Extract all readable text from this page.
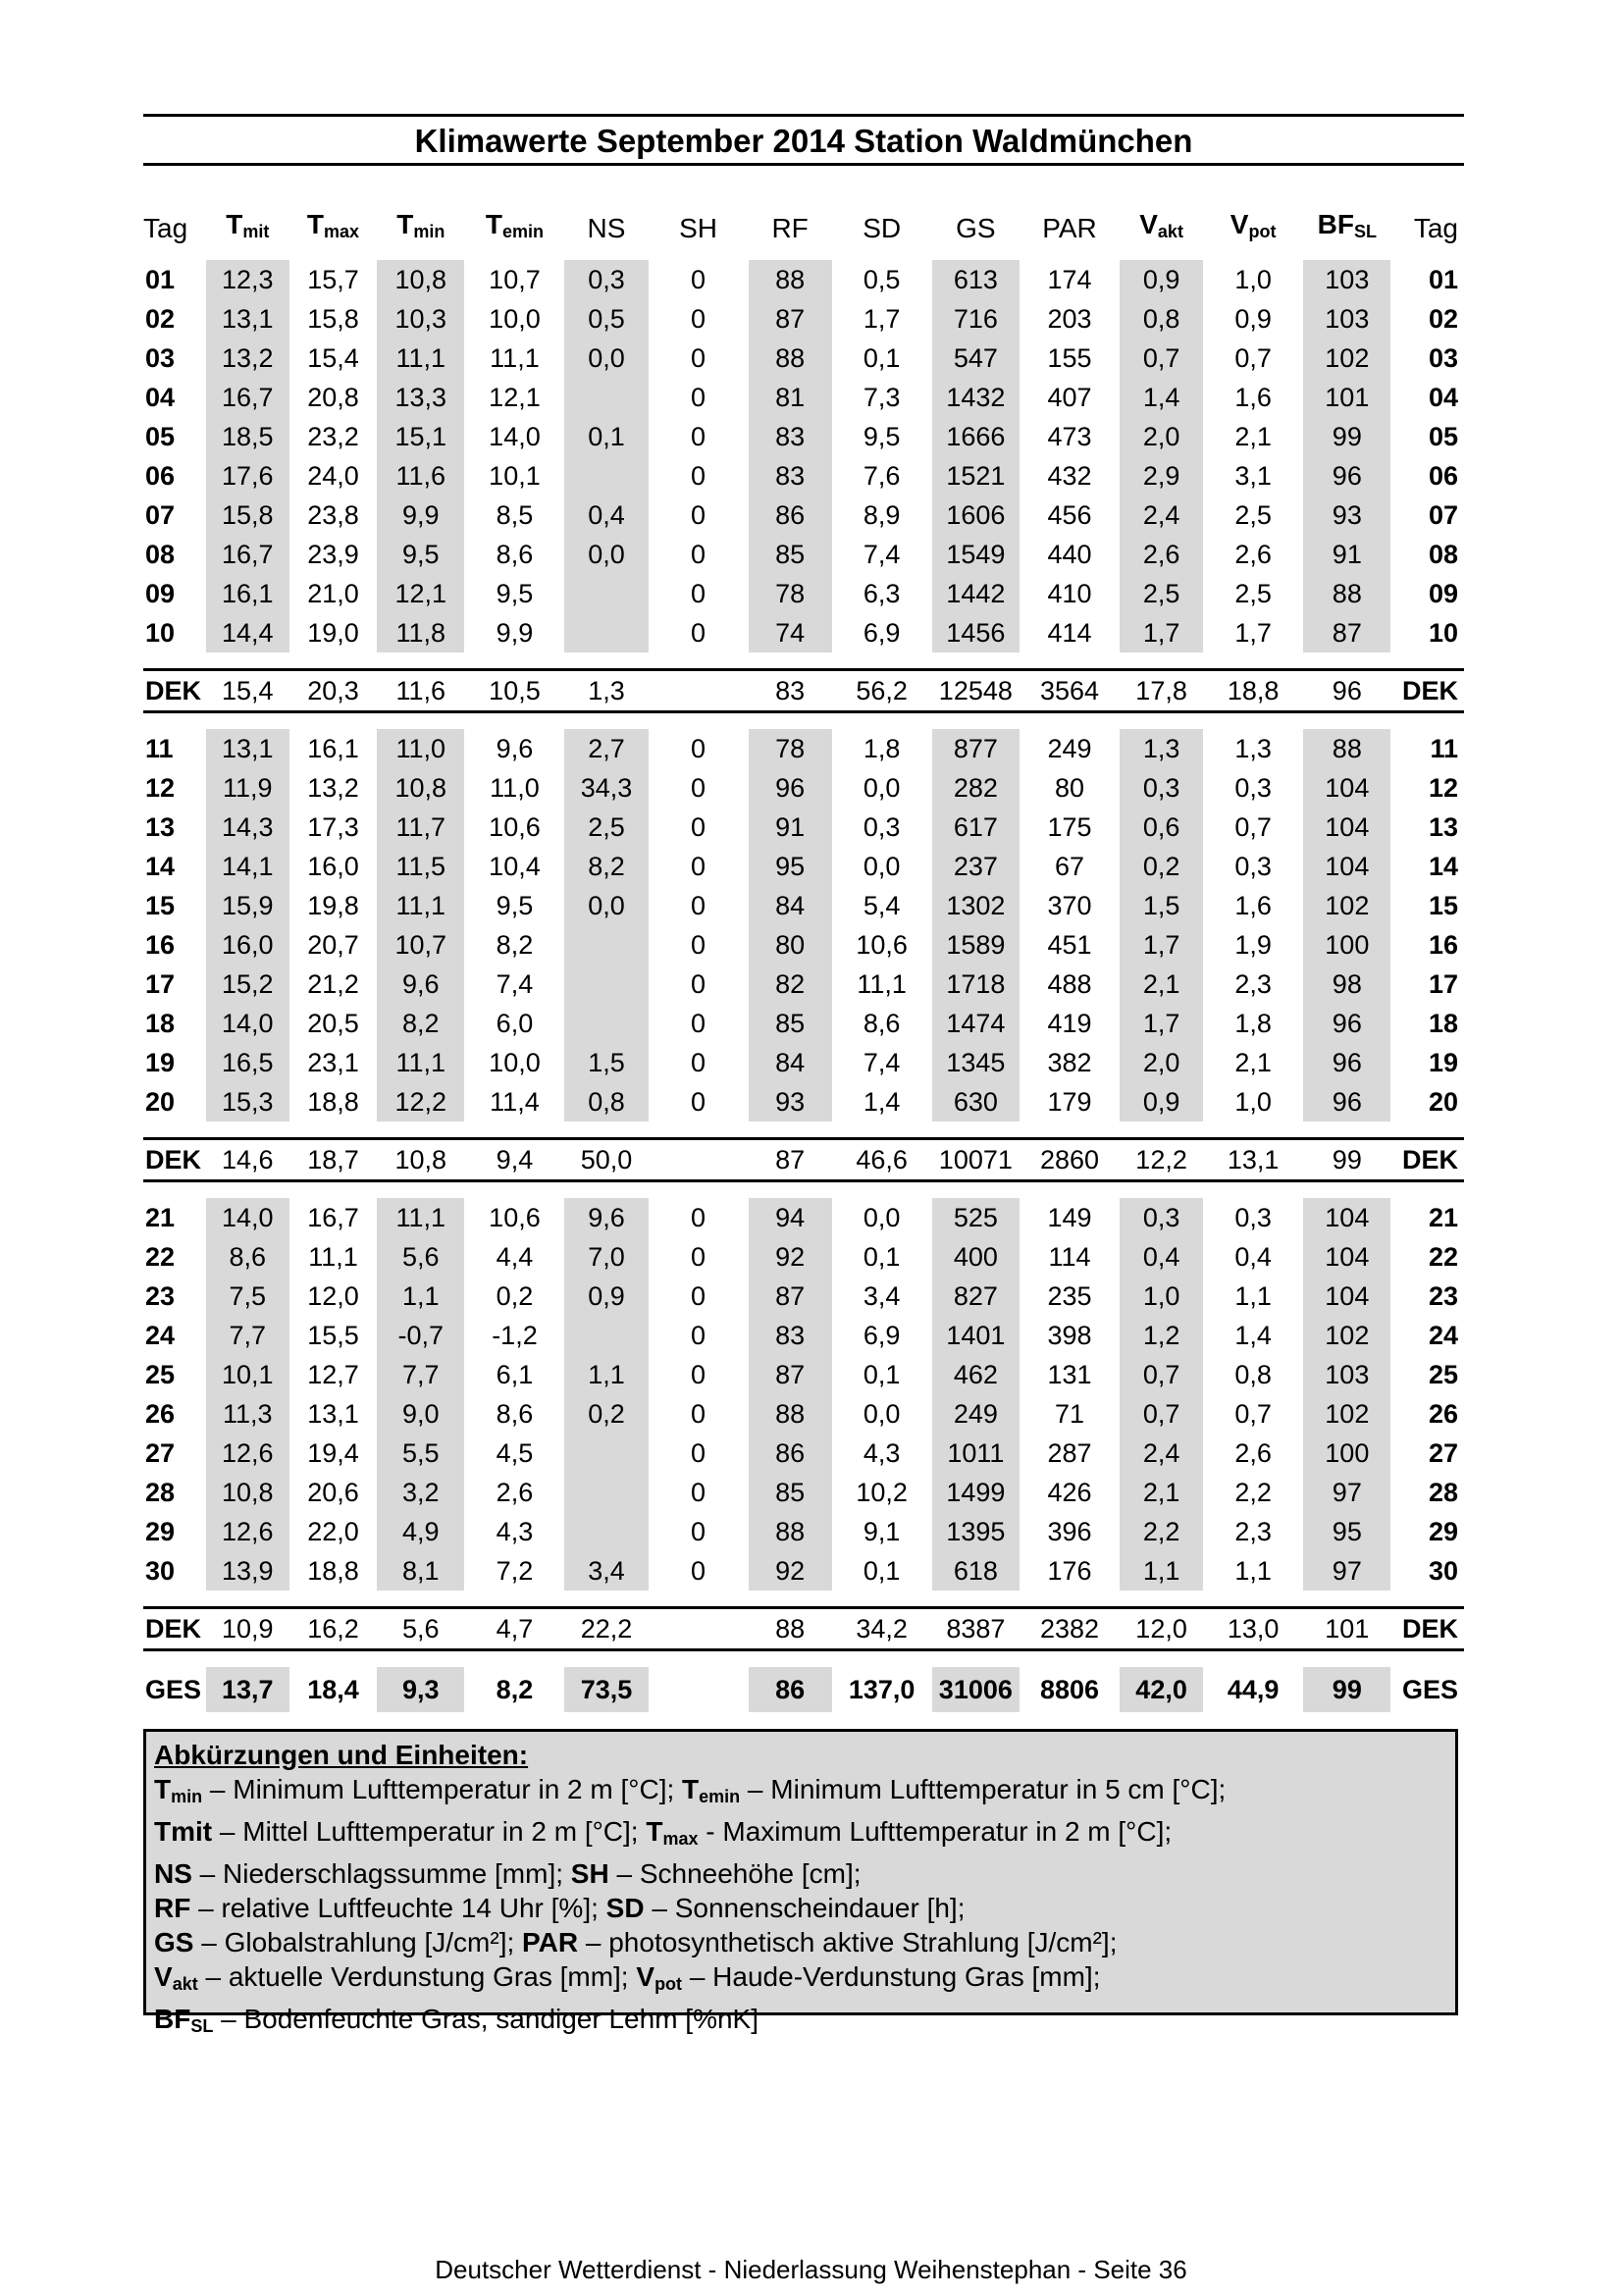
Klimawerte September 2014 Station Waldmünchen
Tag	$T_{mit}$	$T_{max}$	$T_{min}$	$T_{emin}$	NS	SH	RF	SD	GS	PAR	$V_{akt}$	$V_{pot}$	$BF_{SL}$	Tag
01	12,3	15,7	10,8	10,7	0,3	0	88	0,5	613	174	0,9	1,0	103	01
02	13,1	15,8	10,3	10,0	0,5	0	87	1,7	716	203	0,8	0,9	103	02
03	13,2	15,4	11,1	11,1	0,0	0	88	0,1	547	155	0,7	0,7	102	03
04	16,7	20,8	13,3	12,1		0	81	7,3	1432	407	1,4	1,6	101	04
05	18,5	23,2	15,1	14,0	0,1	0	83	9,5	1666	473	2,0	2,1	99	05
06	17,6	24,0	11,6	10,1		0	83	7,6	1521	432	2,9	3,1	96	06
07	15,8	23,8	9,9	8,5	0,4	0	86	8,9	1606	456	2,4	2,5	93	07
08	16,7	23,9	9,5	8,6	0,0	0	85	7,4	1549	440	2,6	2,6	91	08
09	16,1	21,0	12,1	9,5		0	78	6,3	1442	410	2,5	2,5	88	09
10	14,4	19,0	11,8	9,9		0	74	6,9	1456	414	1,7	1,7	87	10

DEK	15,4	20,3	11,6	10,5	1,3		83	56,2	12548	3564	17,8	18,8	96	DEK

11	13,1	16,1	11,0	9,6	2,7	0	78	1,8	877	249	1,3	1,3	88	11
12	11,9	13,2	10,8	11,0	34,3	0	96	0,0	282	80	0,3	0,3	104	12
13	14,3	17,3	11,7	10,6	2,5	0	91	0,3	617	175	0,6	0,7	104	13
14	14,1	16,0	11,5	10,4	8,2	0	95	0,0	237	67	0,2	0,3	104	14
15	15,9	19,8	11,1	9,5	0,0	0	84	5,4	1302	370	1,5	1,6	102	15
16	16,0	20,7	10,7	8,2		0	80	10,6	1589	451	1,7	1,9	100	16
17	15,2	21,2	9,6	7,4		0	82	11,1	1718	488	2,1	2,3	98	17
18	14,0	20,5	8,2	6,0		0	85	8,6	1474	419	1,7	1,8	96	18
19	16,5	23,1	11,1	10,0	1,5	0	84	7,4	1345	382	2,0	2,1	96	19
20	15,3	18,8	12,2	11,4	0,8	0	93	1,4	630	179	0,9	1,0	96	20

DEK	14,6	18,7	10,8	9,4	50,0		87	46,6	10071	2860	12,2	13,1	99	DEK

21	14,0	16,7	11,1	10,6	9,6	0	94	0,0	525	149	0,3	0,3	104	21
22	8,6	11,1	5,6	4,4	7,0	0	92	0,1	400	114	0,4	0,4	104	22
23	7,5	12,0	1,1	0,2	0,9	0	87	3,4	827	235	1,0	1,1	104	23
24	7,7	15,5	-0,7	-1,2		0	83	6,9	1401	398	1,2	1,4	102	24
25	10,1	12,7	7,7	6,1	1,1	0	87	0,1	462	131	0,7	0,8	103	25
26	11,3	13,1	9,0	8,6	0,2	0	88	0,0	249	71	0,7	0,7	102	26
27	12,6	19,4	5,5	4,5		0	86	4,3	1011	287	2,4	2,6	100	27
28	10,8	20,6	3,2	2,6		0	85	10,2	1499	426	2,1	2,2	97	28
29	12,6	22,0	4,9	4,3		0	88	9,1	1395	396	2,2	2,3	95	29
30	13,9	18,8	8,1	7,2	3,4	0	92	0,1	618	176	1,1	1,1	97	30

DEK	10,9	16,2	5,6	4,7	22,2		88	34,2	8387	2382	12,0	13,0	101	DEK

GES	13,7	18,4	9,3	8,2	73,5		86	137,0	31006	8806	42,0	44,9	99	GES
Abkürzungen und Einheiten:
$T_{min}$ – Minimum Lufttemperatur in 2 m [°C]; $T_{emin}$ – Minimum Lufttemperatur in 5 cm [°C];
Tmit – Mittel Lufttemperatur in 2 m [°C]; $T_{max}$ - Maximum Lufttemperatur in 2 m [°C];
NS – Niederschlagssumme [mm]; SH – Schneehöhe [cm];
RF – relative Luftfeuchte 14 Uhr [%]; SD – Sonnenscheindauer [h];
GS – Globalstrahlung [J/cm²]; PAR – photosynthetisch aktive Strahlung [J/cm²];
$V_{akt}$ – aktuelle Verdunstung Gras [mm]; $V_{pot}$ – Haude-Verdunstung Gras [mm];
$BF_{SL}$ – Bodenfeuchte Gras, sandiger Lehm [%nK]
Deutscher Wetterdienst - Niederlassung Weihenstephan - Seite 36
